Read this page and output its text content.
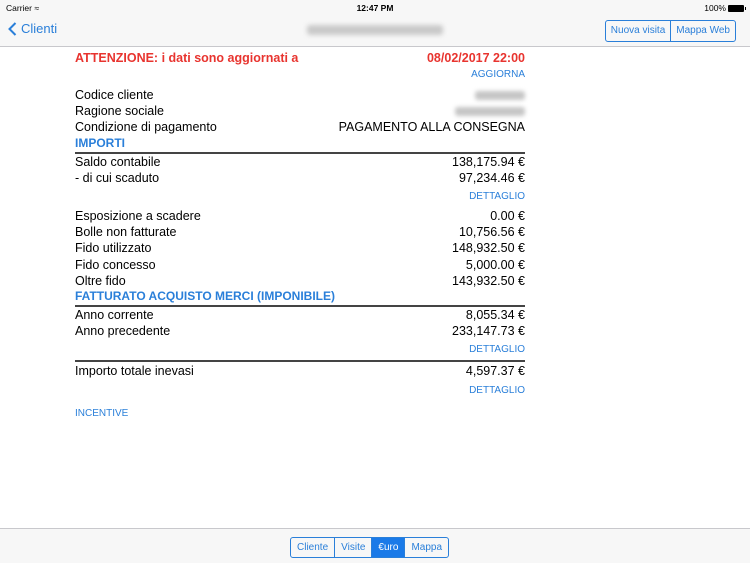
Carrier ≈	12:47 PM	100%
Clienti	Nuova visita	Mappa Web
ATTENZIONE: i dati sono aggiornati a	08/02/2017 22:00
AGGIORNA
Codice cliente
Ragione sociale
Condizione di pagamento	PAGAMENTO ALLA CONSEGNA
IMPORTI
Saldo contabile	138,175.94 €
- di cui scaduto	97,234.46 €
DETTAGLIO
Esposizione a scadere	0.00 €
Bolle non fatturate	10,756.56 €
Fido utilizzato	148,932.50 €
Fido concesso	5,000.00 €
Oltre fido	143,932.50 €
FATTURATO ACQUISTO MERCI (IMPONIBILE)
Anno corrente	8,055.34 €
Anno precedente	233,147.73 €
DETTAGLIO
Importo totale inevasi	4,597.37 €
DETTAGLIO
INCENTIVE
Cliente	Visite	€uro	Mappa
